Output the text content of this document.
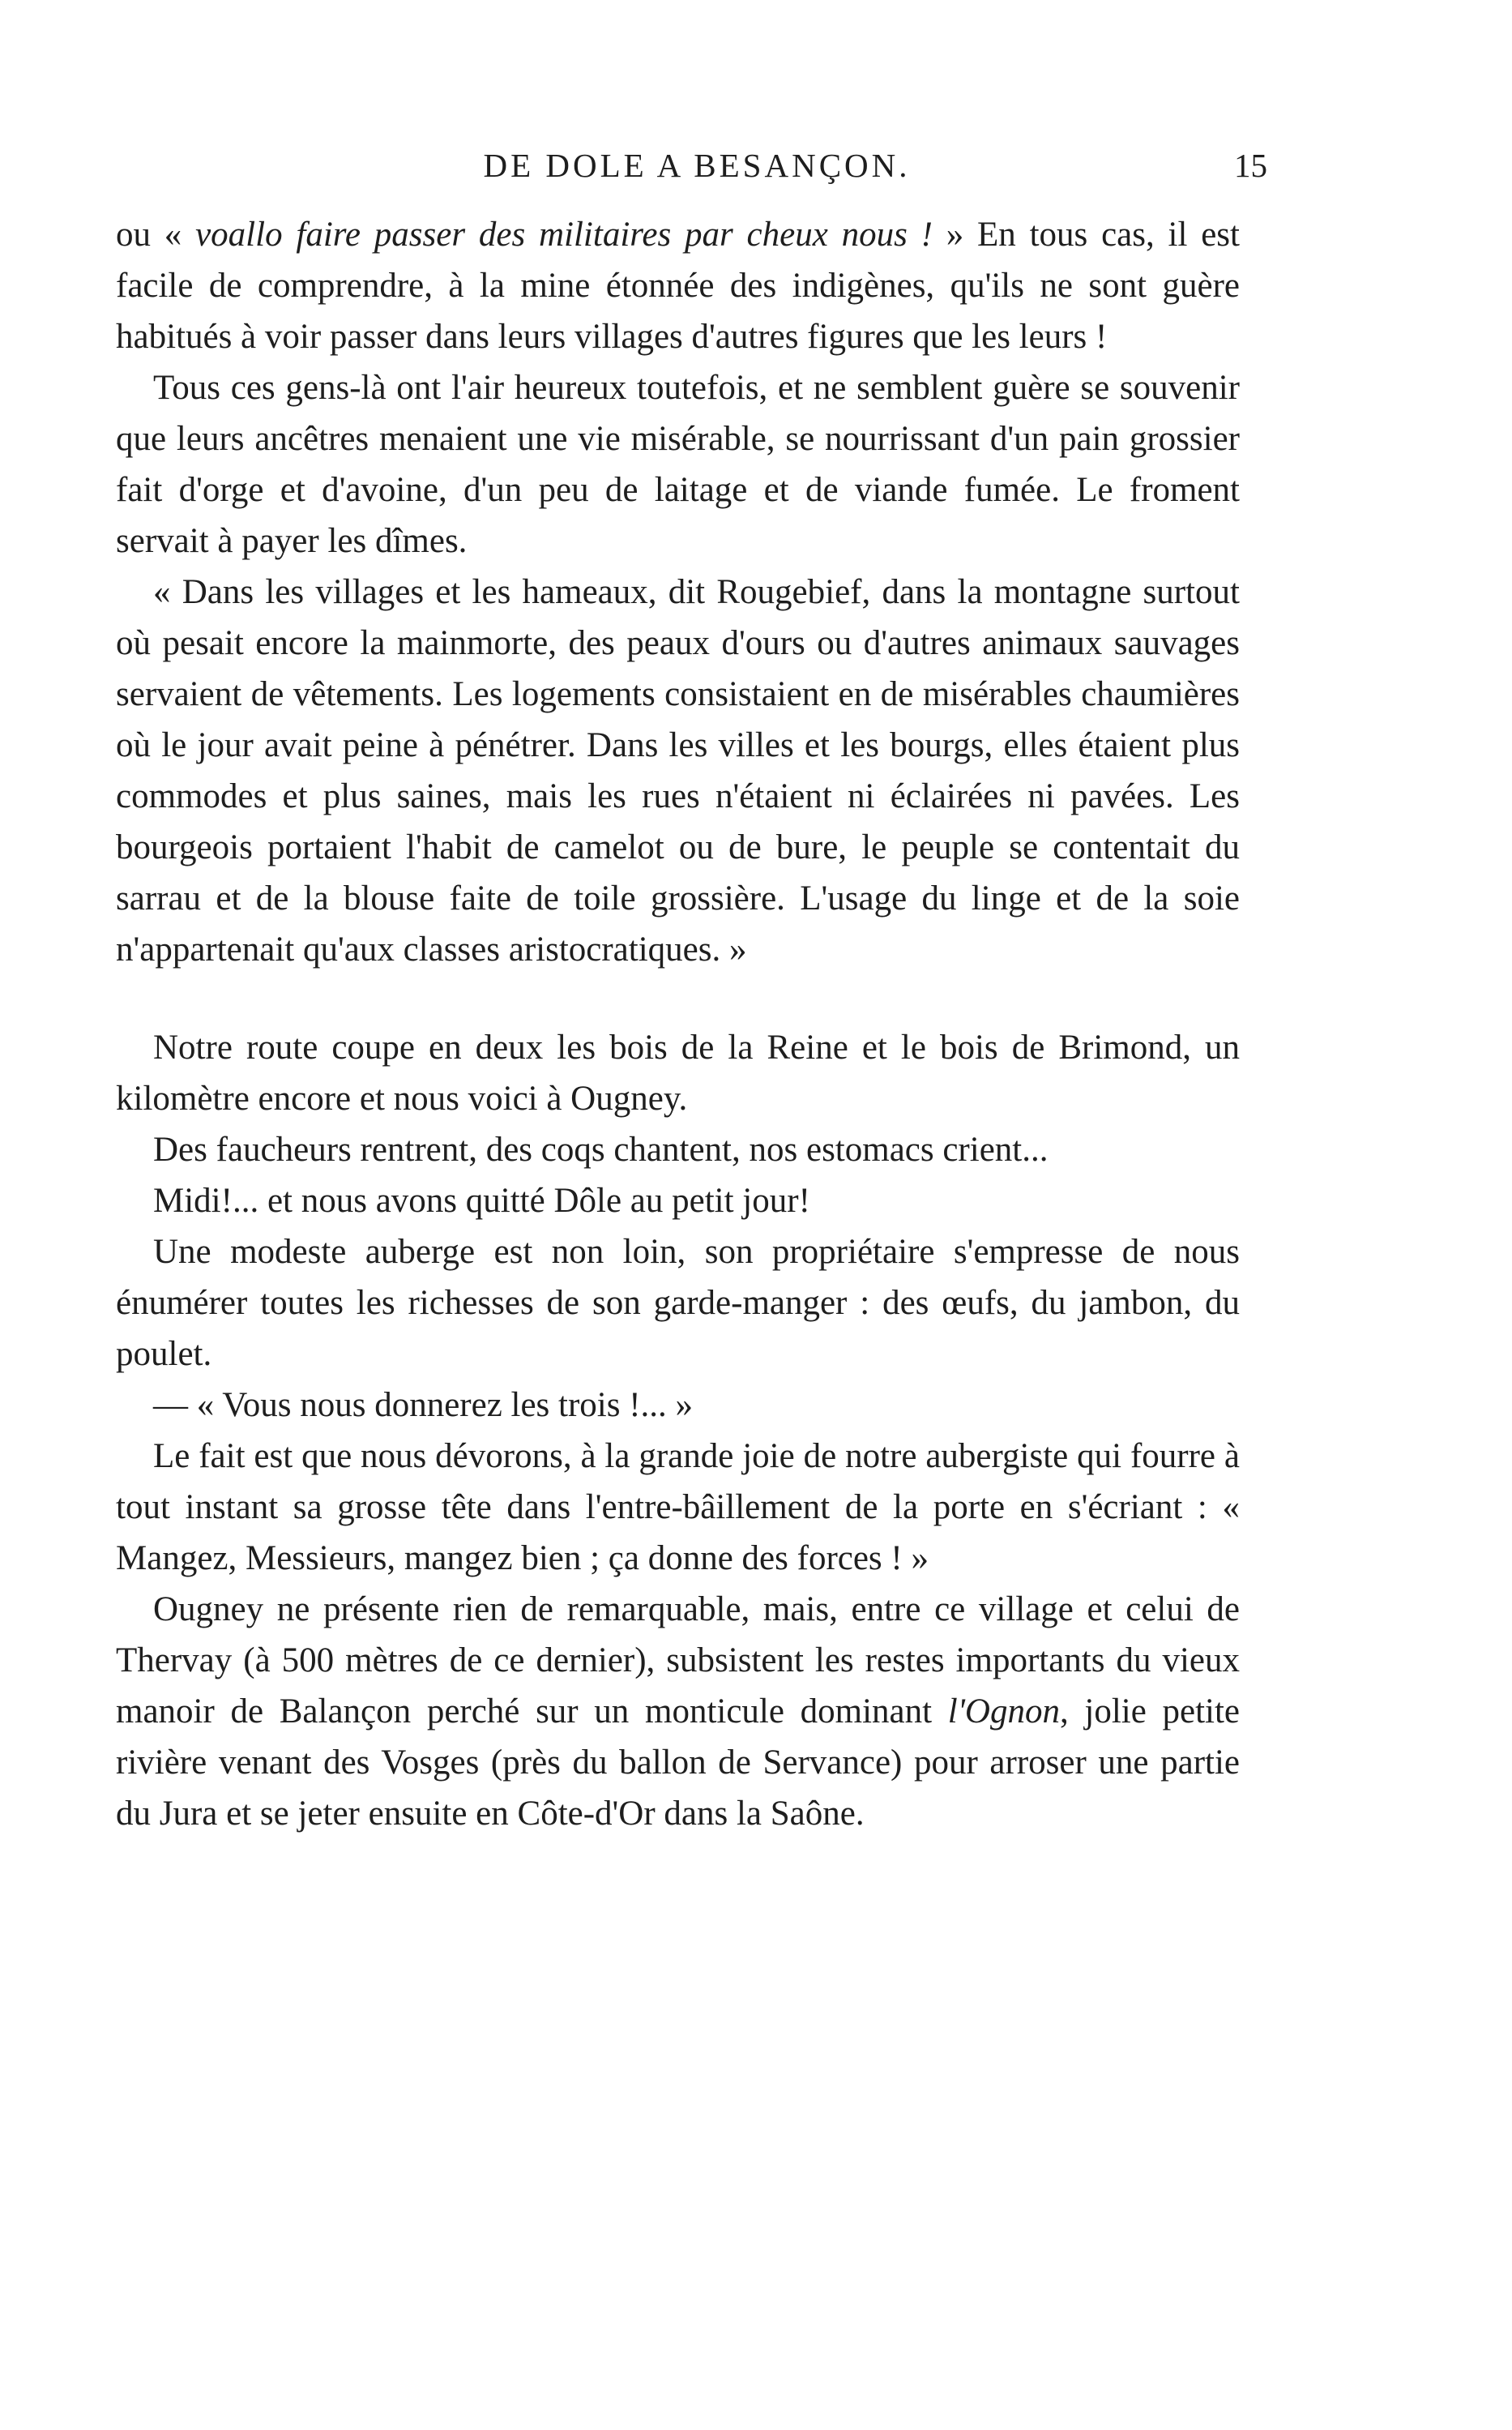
DE DOLE A BESANÇON.	15

ou « voallo faire passer des militaires par cheux nous ! » En tous cas, il est facile de comprendre, à la mine étonnée des indigènes, qu'ils ne sont guère habitués à voir passer dans leurs villages d'autres figures que les leurs !

Tous ces gens-là ont l'air heureux toutefois, et ne semblent guère se souvenir que leurs ancêtres menaient une vie misérable, se nourrissant d'un pain grossier fait d'orge et d'avoine, d'un peu de laitage et de viande fumée. Le froment servait à payer les dîmes.

« Dans les villages et les hameaux, dit Rougebief, dans la montagne surtout où pesait encore la mainmorte, des peaux d'ours ou d'autres animaux sauvages servaient de vêtements. Les logements consistaient en de misérables chaumières où le jour avait peine à pénétrer. Dans les villes et les bourgs, elles étaient plus commodes et plus saines, mais les rues n'étaient ni éclairées ni pavées. Les bourgeois portaient l'habit de camelot ou de bure, le peuple se contentait du sarrau et de la blouse faite de toile grossière. L'usage du linge et de la soie n'appartenait qu'aux classes aristocratiques. »

Notre route coupe en deux les bois de la Reine et le bois de Brimond, un kilomètre encore et nous voici à Ougney.

Des faucheurs rentrent, des coqs chantent, nos estomacs crient...

Midi!... et nous avons quitté Dôle au petit jour!

Une modeste auberge est non loin, son propriétaire s'empresse de nous énumérer toutes les richesses de son garde-manger : des œufs, du jambon, du poulet.

— « Vous nous donnerez les trois !... »

Le fait est que nous dévorons, à la grande joie de notre aubergiste qui fourre à tout instant sa grosse tête dans l'entre-bâillement de la porte en s'écriant : « Mangez, Messieurs, mangez bien ; ça donne des forces ! »

Ougney ne présente rien de remarquable, mais, entre ce village et celui de Thervay (à 500 mètres de ce dernier), subsistent les restes importants du vieux manoir de Balançon perché sur un monticule dominant l'Ognon, jolie petite rivière venant des Vosges (près du ballon de Servance) pour arroser une partie du Jura et se jeter ensuite en Côte-d'Or dans la Saône.
